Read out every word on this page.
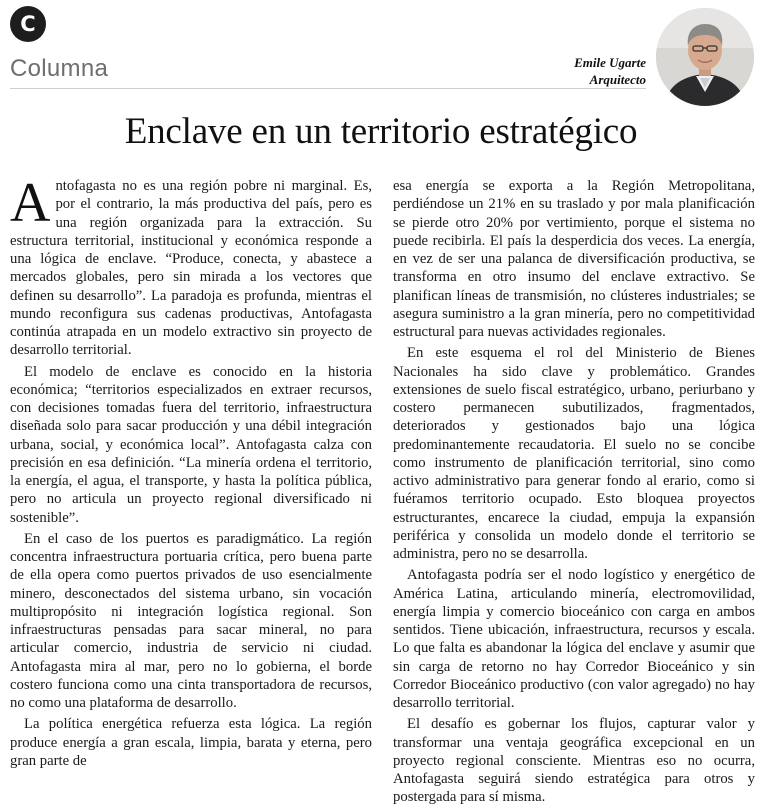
C
Columna	Emile Ugarte
Arquitecto
Enclave en un territorio estratégico

Antofagasta no es una región pobre ni marginal. Es, por el contrario, la más productiva del país, pero es una región organizada para la extracción. Su estructura territorial, institucional y económica responde a una lógica de enclave. “Produce, conecta, y abastece a mercados globales, pero sin mirada a los vectores que definen su desarrollo”. La paradoja es profunda, mientras el mundo reconfigura sus cadenas productivas, Antofagasta continúa atrapada en un modelo extractivo sin proyecto de desarrollo territorial.

El modelo de enclave es conocido en la historia económica; “territorios especializados en extraer recursos, con decisiones tomadas fuera del territorio, infraestructura diseñada solo para sacar producción y una débil integración urbana, social, y económica local”. Antofagasta calza con precisión en esa definición. “La minería ordena el territorio, la energía, el agua, el transporte, y hasta la política pública, pero no articula un proyecto regional diversificado ni sostenible”.

En el caso de los puertos es paradigmático. La región concentra infraestructura portuaria crítica, pero buena parte de ella opera como puertos privados de uso esencialmente minero, desconectados del sistema urbano, sin vocación multipropósito ni integración logística regional. Son infraestructuras pensadas para sacar mineral, no para articular comercio, industria de servicio ni ciudad. Antofagasta mira al mar, pero no lo gobierna, el borde costero funciona como una cinta transportadora de recursos, no como una plataforma de desarrollo.

La política energética refuerza esta lógica. La región produce energía a gran escala, limpia, barata y eterna, pero gran parte de

esa energía se exporta a la Región Metropolitana, perdiéndose un 21% en su traslado y por mala planificación se pierde otro 20% por vertimiento, porque el sistema no puede recibirla. El país la desperdicia dos veces. La energía, en vez de ser una palanca de diversificación productiva, se transforma en otro insumo del enclave extractivo. Se planifican líneas de transmisión, no clústeres industriales; se asegura suministro a la gran minería, pero no competitividad estructural para nuevas actividades regionales.

En este esquema el rol del Ministerio de Bienes Nacionales ha sido clave y problemático. Grandes extensiones de suelo fiscal estratégico, urbano, periurbano y costero permanecen subutilizados, fragmentados, deteriorados y gestionados bajo una lógica predominantemente recaudatoria. El suelo no se concibe como instrumento de planificación territorial, sino como activo administrativo para generar fondo al erario, como si fuéramos territorio ocupado. Esto bloquea proyectos estructurantes, encarece la ciudad, empuja la expansión periférica y consolida un modelo donde el territorio se administra, pero no se desarrolla.

Antofagasta podría ser el nodo logístico y energético de América Latina, articulando minería, electromovilidad, energía limpia y comercio bioceánico con carga en ambos sentidos. Tiene ubicación, infraestructura, recursos y escala. Lo que falta es abandonar la lógica del enclave y asumir que sin carga de retorno no hay Corredor Bioceánico y sin Corredor Bioceánico productivo (con valor agregado) no hay desarrollo territorial.

El desafío es gobernar los flujos, capturar valor y transformar una ventaja geográfica excepcional en un proyecto regional consciente. Mientras eso no ocurra, Antofagasta seguirá siendo estratégica para otros y postergada para sí misma.
